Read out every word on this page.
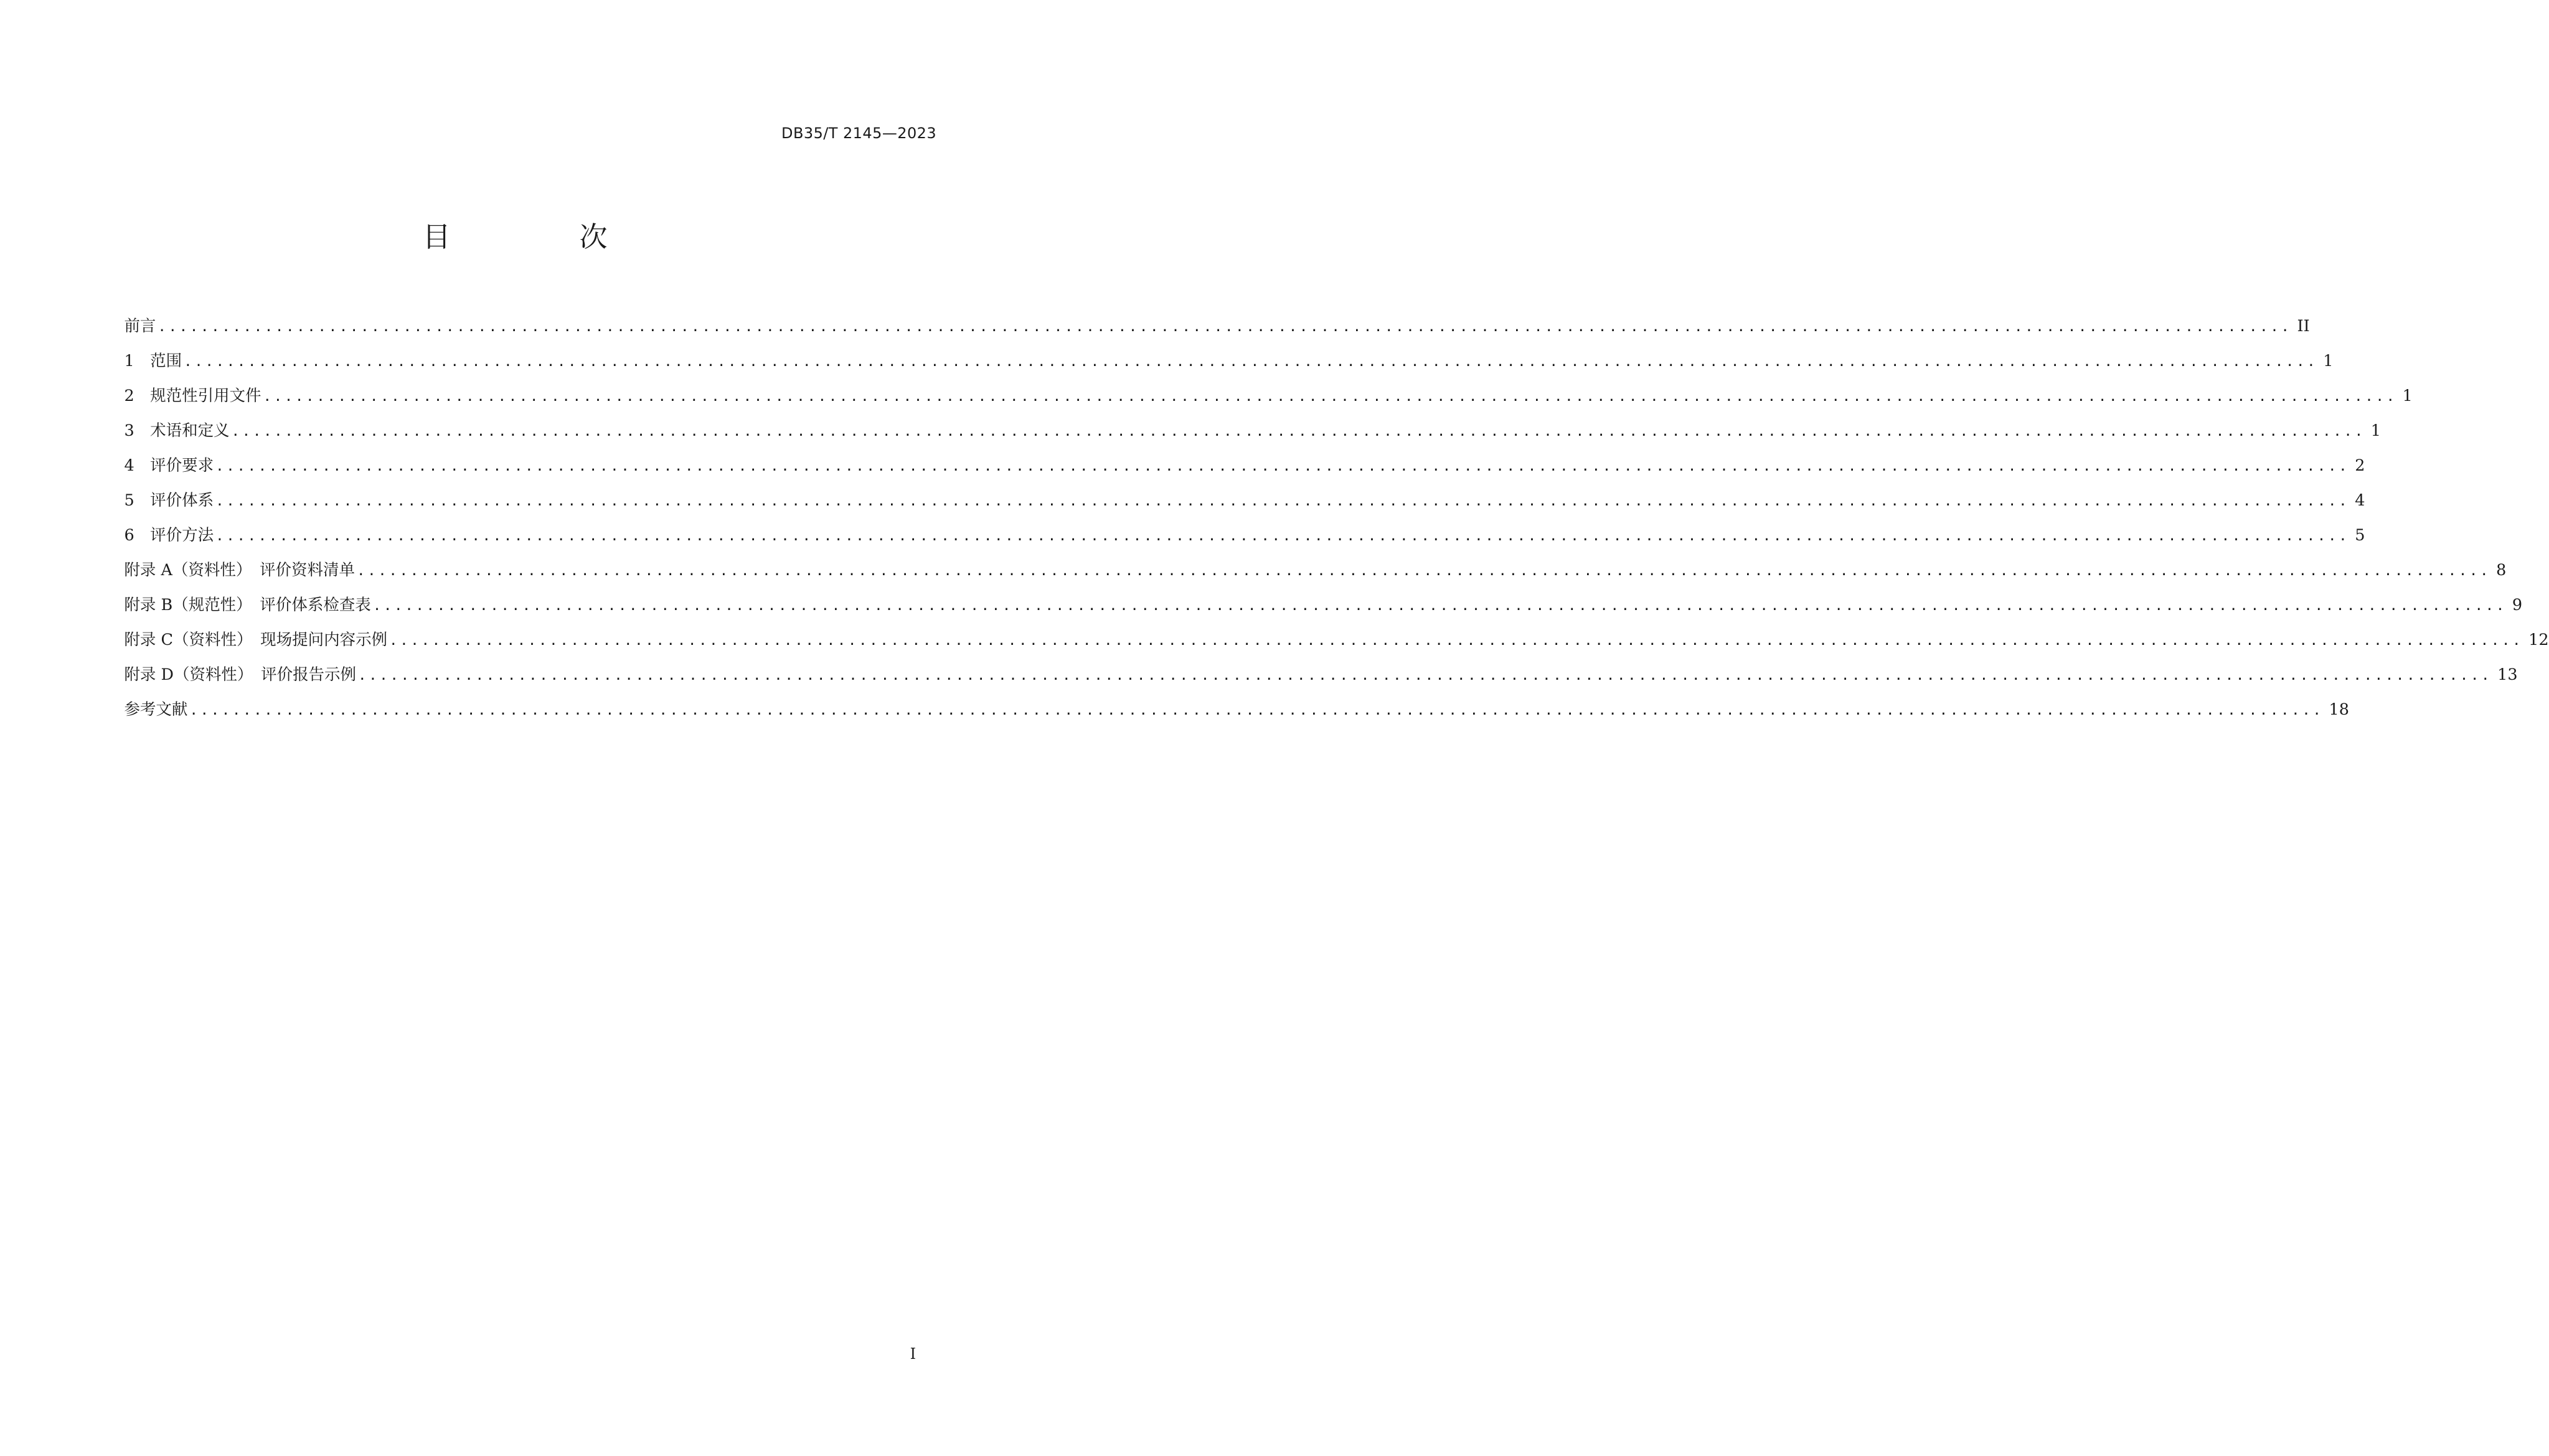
DB35/T 2145—2023
目　次
前言 ........................................................................................................................................................................................................ II
1　范围 ........................................................................................................................................................................................................ 1
2　规范性引用文件 ........................................................................................................................................................................................................ 1
3　术语和定义 ........................................................................................................................................................................................................ 1
4　评价要求 ........................................................................................................................................................................................................ 2
5　评价体系 ........................................................................................................................................................................................................ 4
6　评价方法 ........................................................................................................................................................................................................ 5
附录 A（资料性）　评价资料清单 ........................................................................................................................................................................................................ 8
附录 B（规范性）　评价体系检查表 ........................................................................................................................................................................................................ 9
附录 C（资料性）　现场提问内容示例 ........................................................................................................................................................................................................ 12
附录 D（资料性）　评价报告示例 ........................................................................................................................................................................................................ 13
参考文献 ........................................................................................................................................................................................................ 18
I
